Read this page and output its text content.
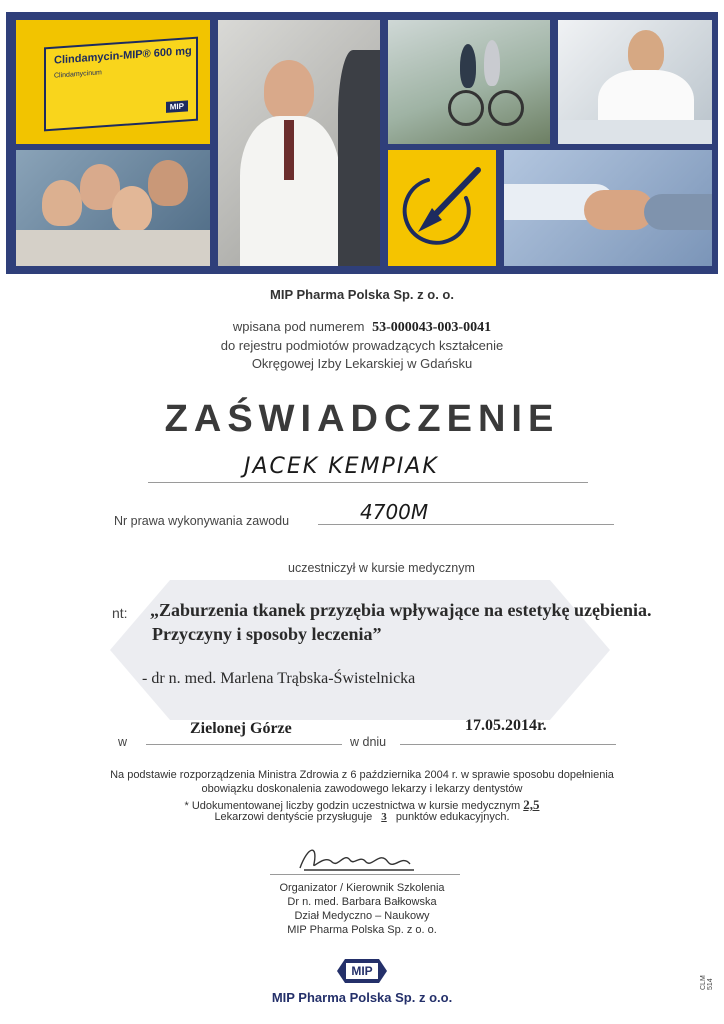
Clindamycin-MIP® 600 mg
Clindamycinum
MIP
MIP Pharma Polska Sp. z o. o.
wpisana pod numerem 53-000043-003-0041
do rejestru podmiotów prowadzących kształcenie
Okręgowej Izby Lekarskiej w Gdańsku
ZAŚWIADCZENIE
JACEK KEMPIAK
Nr prawa wykonywania zawodu	4700M
uczestniczył w kursie medycznym
nt: „Zaburzenia tkanek przyzębia wpływające na estetykę uzębienia.
Przyczyny i sposoby leczenia”
- dr n. med. Marlena Trąbska-Świstelnicka
w
Zielonej Górze
w dniu
17.05.2014r.
Na podstawie rozporządzenia Ministra Zdrowia z 6 października 2004 r. w sprawie sposobu dopełnienia
obowiązku doskonalenia zawodowego lekarzy i lekarzy dentystów
* Udokumentowanej liczby godzin uczestnictwa w kursie medycznym 2,5
Lekarzowi dentyście przysługuje 3 punktów edukacyjnych.
Organizator / Kierownik Szkolenia
Dr n. med. Barbara Bałkowska
Dział Medyczno – Naukowy
MIP Pharma Polska Sp. z o. o.
MIP
MIP Pharma Polska Sp. z o.o.
CLM 514
